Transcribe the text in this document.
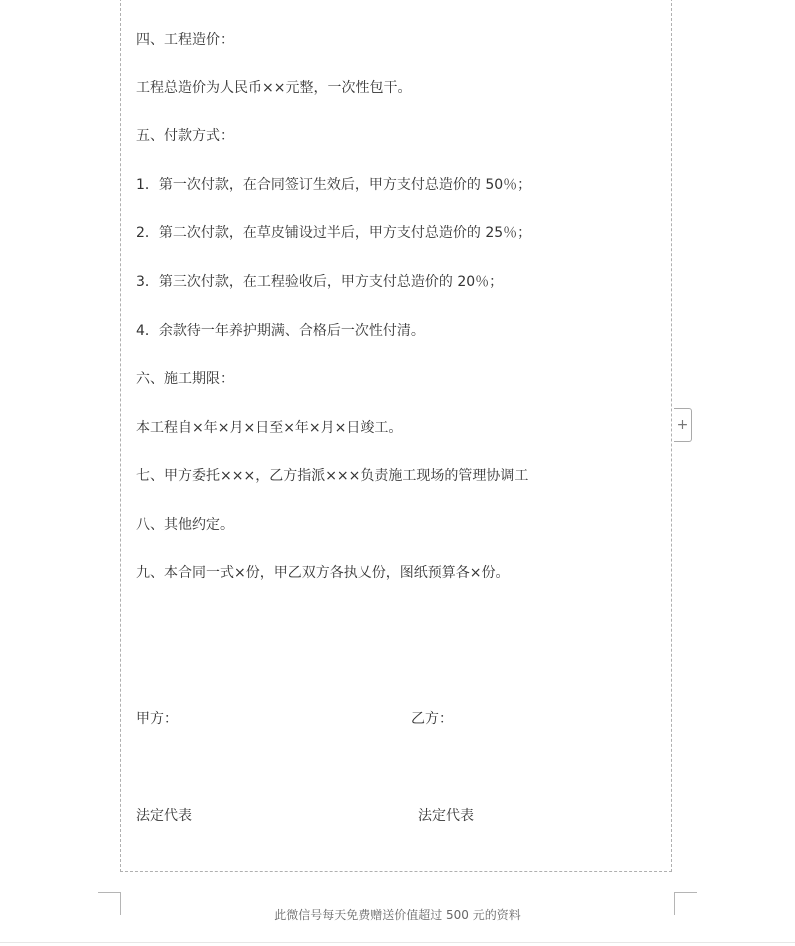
四、工程造价：
工程总造价为人民币××元整，一次性包干。
五、付款方式：
1．第一次付款，在合同签订生效后，甲方支付总造价的 50％；
2．第二次付款，在草皮铺设过半后，甲方支付总造价的 25％；
3．第三次付款，在工程验收后，甲方支付总造价的 20％；
4．余款待一年养护期满、合格后一次性付清。
六、施工期限：
本工程自×年×月×日至×年×月×日竣工。
七、甲方委托×××，乙方指派×××负责施工现场的管理协调工
八、其他约定。
九、本合同一式×份，甲乙双方各执乂份，图纸预算各×份。
甲方：	乙方：
法定代表	法定代表
+
此微信号每天免费赠送价值超过 500 元的资料
